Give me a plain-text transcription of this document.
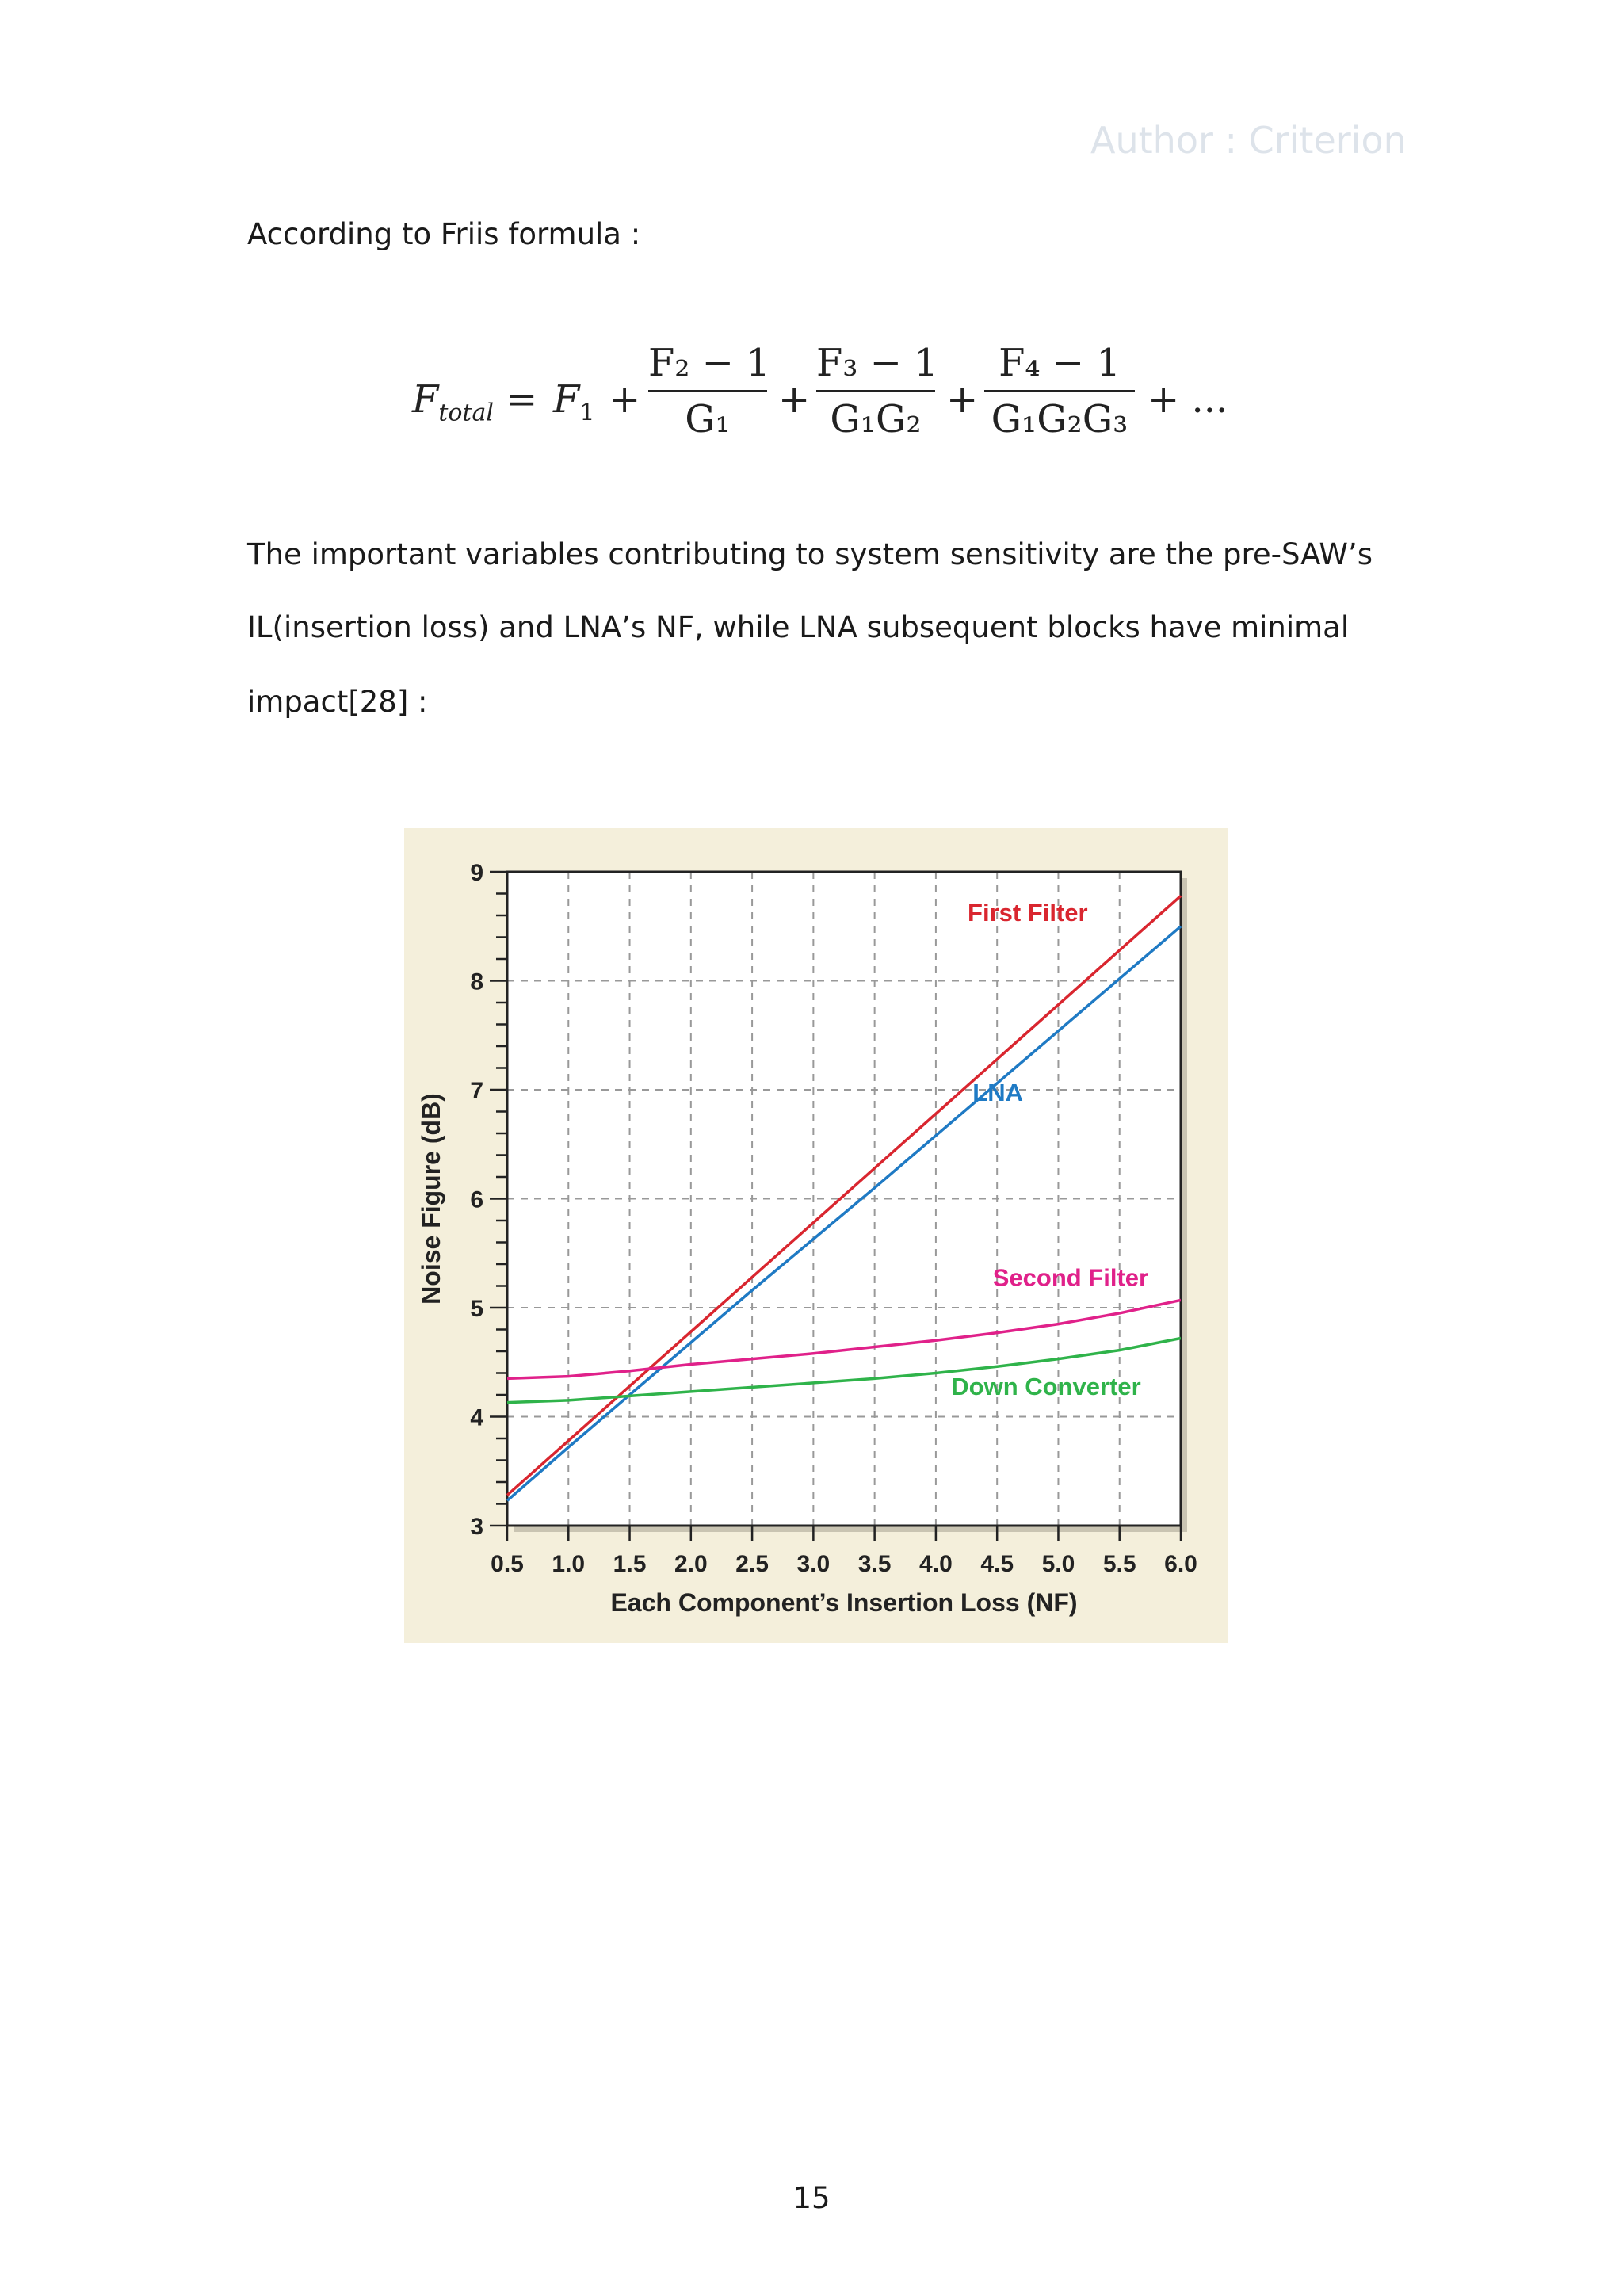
Author : Criterion
According to Friis formula :
$F_{total} = F_1$ +
F₂ − 1
G₁	+
F₃ − 1
G₁G₂ +
F₄ − 1
G₁G₂G₃ + ...
The important variables contributing to system sensitivity are the pre-SAW’s
IL(insertion loss) and LNA’s NF, while LNA subsequent blocks have minimal
impact[28] :
3
4
5
6
7
8
9
0.5 1.0 1.5 2.0 2.5 3.0 3.5 4.0 4.5 5.0 5.5 6.0
Each Component’s Insertion Loss (NF)
Noise Figure (dB)
First Filter
LNA
Second Filter
Down Converter
15
